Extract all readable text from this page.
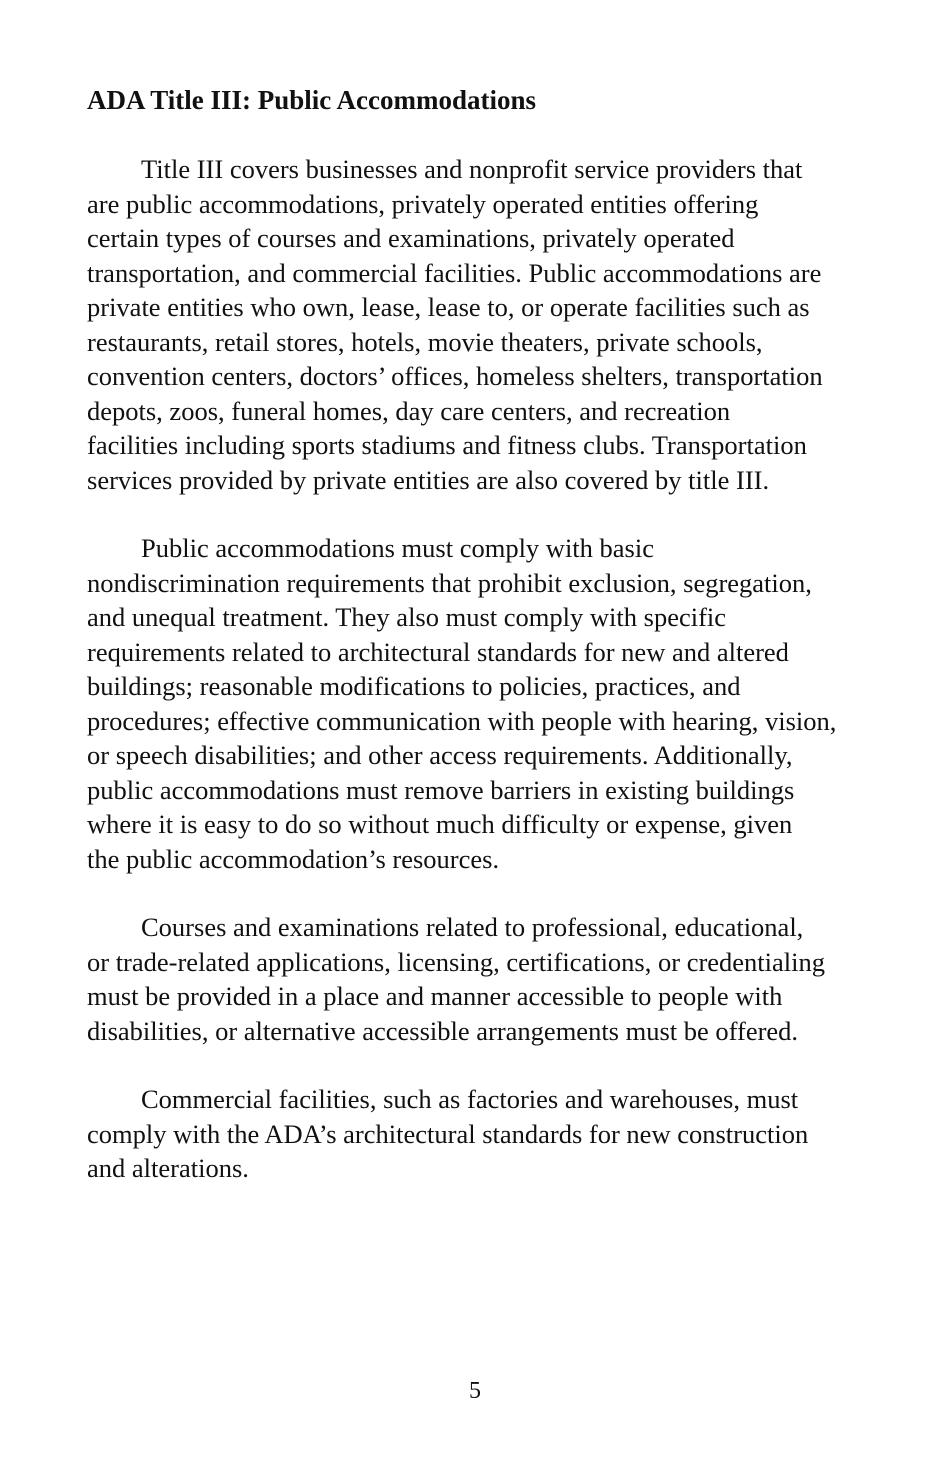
ADA Title III: Public Accommodations

Title III covers businesses and nonprofit service providers that
are public accommodations, privately operated entities offering
certain types of courses and examinations, privately operated
transportation, and commercial facilities. Public accommodations are
private entities who own, lease, lease to, or operate facilities such as
restaurants, retail stores, hotels, movie theaters, private schools,
convention centers, doctors’ offices, homeless shelters, transportation
depots, zoos, funeral homes, day care centers, and recreation
facilities including sports stadiums and fitness clubs. Transportation
services provided by private entities are also covered by title III.

Public accommodations must comply with basic
nondiscrimination requirements that prohibit exclusion, segregation,
and unequal treatment. They also must comply with specific
requirements related to architectural standards for new and altered
buildings; reasonable modifications to policies, practices, and
procedures; effective communication with people with hearing, vision,
or speech disabilities; and other access requirements. Additionally,
public accommodations must remove barriers in existing buildings
where it is easy to do so without much difficulty or expense, given
the public accommodation’s resources.

Courses and examinations related to professional, educational,
or trade-related applications, licensing, certifications, or credentialing
must be provided in a place and manner accessible to people with
disabilities, or alternative accessible arrangements must be offered.

Commercial facilities, such as factories and warehouses, must
comply with the ADA’s architectural standards for new construction
and alterations.

5
